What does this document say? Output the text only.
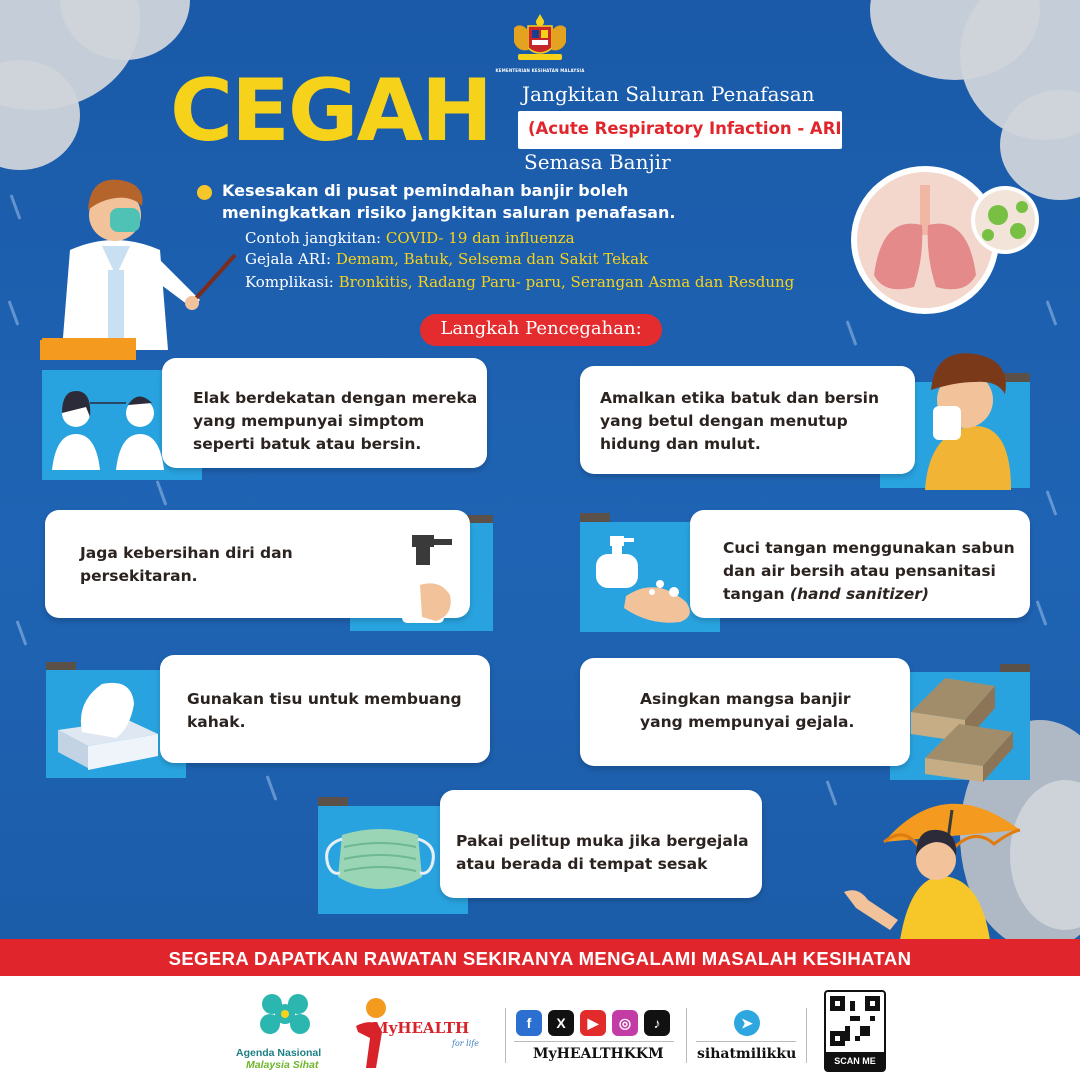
KEMENTERIAN KESIHATAN MALAYSIA
CEGAH Jangkitan Saluran Penafasan
(Acute Respiratory Infaction - ARI
Semasa Banjir
Kesesakan di pusat pemindahan banjir boleh meningkatkan risiko jangkitan saluran penafasan.
Contoh jangkitan: COVID- 19 dan influenza
Gejala ARI: Demam, Batuk, Selsema dan Sakit Tekak
Komplikasi: Bronkitis, Radang Paru- paru, Serangan Asma dan Resdung
Langkah Pencegahan:
Elak berdekatan dengan mereka yang mempunyai simptom seperti batuk atau bersin.
Amalkan etika batuk dan bersin yang betul dengan menutup hidung dan mulut.
Jaga kebersihan diri dan persekitaran.
Cuci tangan menggunakan sabun dan air bersih atau pensanitasi tangan (hand sanitizer)
Gunakan tisu untuk membuang kahak.
Asingkan mangsa banjir yang mempunyai gejala.
Pakai pelitup muka jika bergejala atau berada di tempat sesak
SEGERA DAPATKAN RAWATAN SEKIRANYA MENGALAMI MASALAH KESIHATAN
Agenda Nasional
Malaysia Sihat
MyHEALTH
for life
f	X	▶	◎	♪
MyHEALTHKKM
➤
sihatmilikku	SCAN ME
